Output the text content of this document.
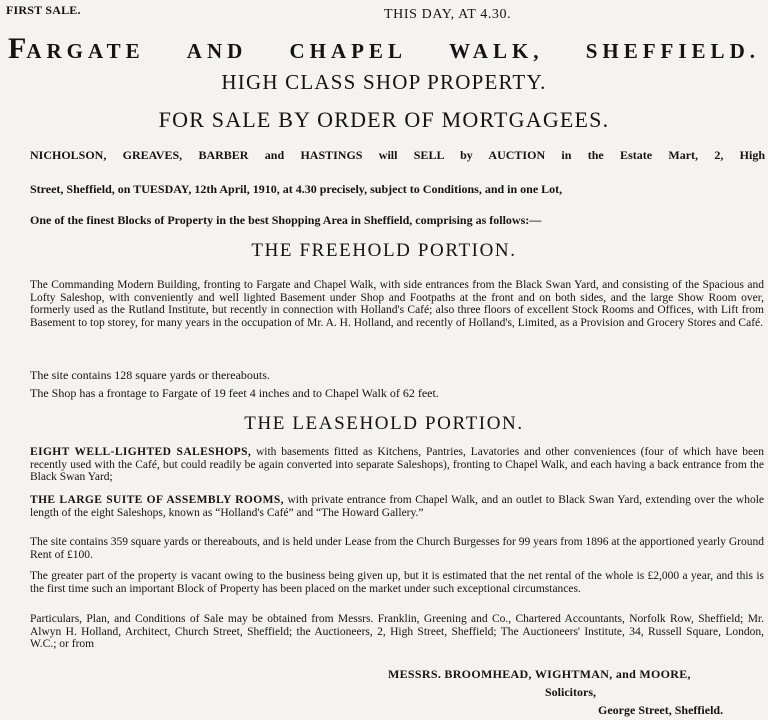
FIRST SALE.	THIS DAY, AT 4.30.
FARGATE AND CHAPEL WALK, SHEFFIELD.
HIGH CLASS SHOP PROPERTY.
FOR SALE BY ORDER OF MORTGAGEES.
NICHOLSON, GREAVES, BARBER and HASTINGS will SELL by AUCTION in the Estate Mart, 2, High
Street, Sheffield, on TUESDAY, 12th April, 1910, at 4.30 precisely, subject to Conditions, and in one Lot,
One of the finest Blocks of Property in the best Shopping Area in Sheffield, comprising as follows:—
THE FREEHOLD PORTION.
The Commanding Modern Building, fronting to Fargate and Chapel Walk, with side entrances from the Black Swan Yard, and consisting of the Spacious and Lofty Saleshop, with conveniently and well lighted Basement under Shop and Footpaths at the front and on both sides, and the large Show Room over, formerly used as the Rutland Institute, but recently in connection with Holland's Café; also three floors of excellent Stock Rooms and Offices, with Lift from Basement to top storey, for many years in the occupation of Mr. A. H. Holland, and recently of Holland's, Limited, as a Provision and Grocery Stores and Café.
The site contains 128 square yards or thereabouts.
The Shop has a frontage to Fargate of 19 feet 4 inches and to Chapel Walk of 62 feet.
THE LEASEHOLD PORTION.
EIGHT WELL-LIGHTED SALESHOPS, with basements fitted as Kitchens, Pantries, Lavatories and other conveniences (four of which have been recently used with the Café, but could readily be again converted into separate Saleshops), fronting to Chapel Walk, and each having a back entrance from the Black Swan Yard;
THE LARGE SUITE OF ASSEMBLY ROOMS, with private entrance from Chapel Walk, and an outlet to Black Swan Yard, extending over the whole length of the eight Saleshops, known as “Holland's Café” and “The Howard Gallery.”
The site contains 359 square yards or thereabouts, and is held under Lease from the Church Burgesses for 99 years from 1896 at the apportioned yearly Ground Rent of £100.
The greater part of the property is vacant owing to the business being given up, but it is estimated that the net rental of the whole is £2,000 a year, and this is the first time such an important Block of Property has been placed on the market under such exceptional circumstances.
Particulars, Plan, and Conditions of Sale may be obtained from Messrs. Franklin, Greening and Co., Chartered Accountants, Norfolk Row, Sheffield; Mr. Alwyn H. Holland, Architect, Church Street, Sheffield; the Auctioneers, 2, High Street, Sheffield; The Auctioneers' Institute, 34, Russell Square, London, W.C.; or from
MESSRS. BROOMHEAD, WIGHTMAN, and MOORE,
Solicitors,
George Street, Sheffield.
